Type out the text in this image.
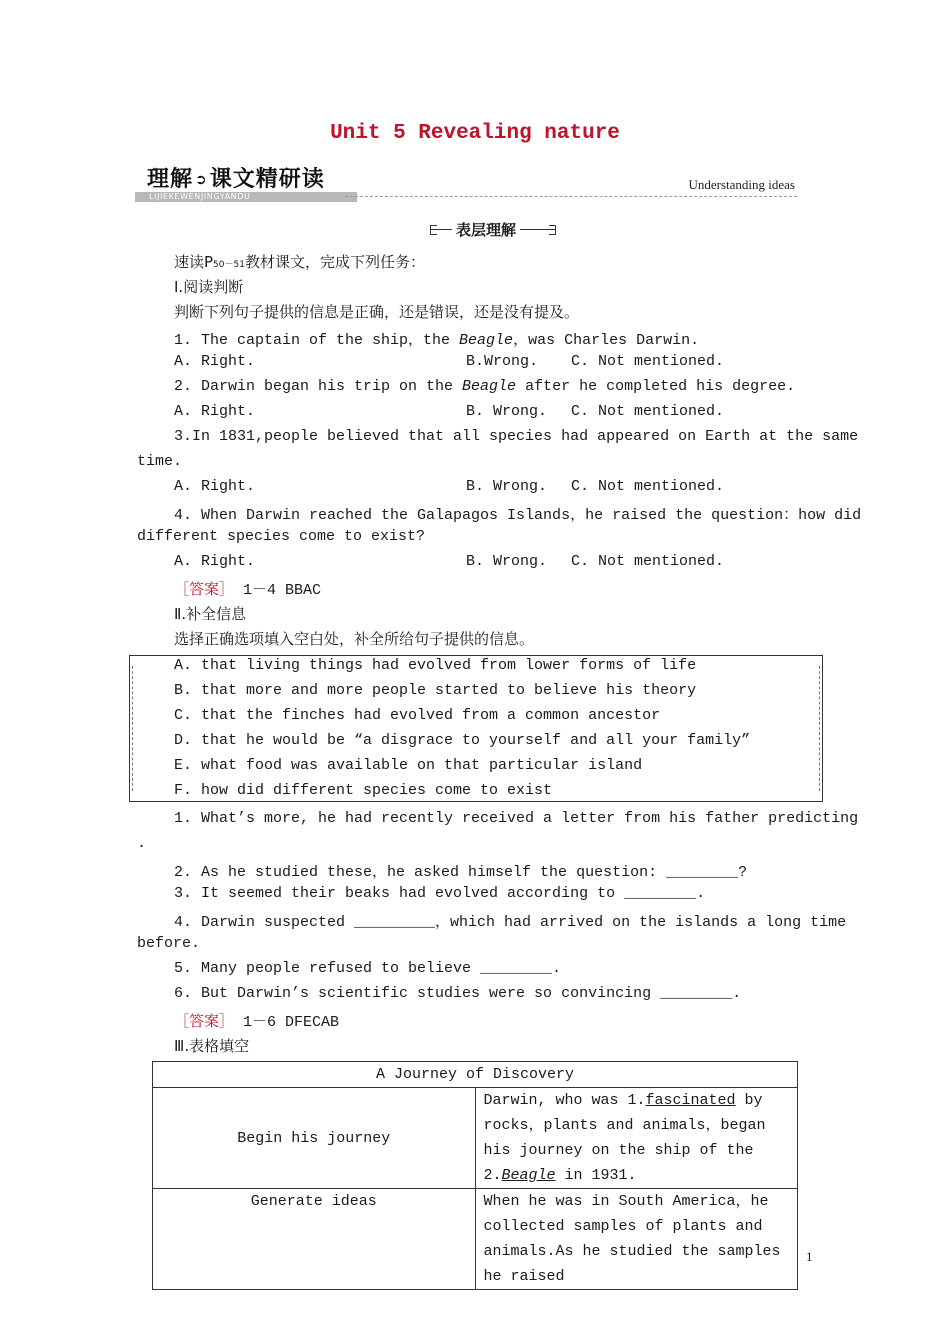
Unit 5 Revealing nature
理解 ➲课文精研读
LIJIEKEWENJINGYANDU
Understanding ideas
表层理解
速读P50－51教材课文，完成下列任务：
Ⅰ.阅读判断
判断下列句子提供的信息是正确，还是错误，还是没有提及。
1. The captain of the ship，the Beagle，was Charles Darwin.
A. Right.	B.Wrong. C. Not mentioned.
2. Darwin began his trip on the Beagle after he completed his degree.
A. Right.	B. Wrong. C. Not mentioned.
3.In 1831,people believed that all species had appeared on Earth at the same
time.
A. Right.	B. Wrong. C. Not mentioned.
4. When Darwin reached the Galapagos Islands，he raised the question：how did
different species come to exist?
A. Right.	B. Wrong. C. Not mentioned.
［答案］ 1－4 BBAC
Ⅱ.补全信息
选择正确选项填入空白处，补全所给句子提供的信息。
A. that living things had evolved from lower forms of life
B. that more and more people started to believe his theory
C. that the finches had evolved from a common ancestor
D. that he would be “a disgrace to yourself and all your family”
E. what food was available on that particular island
F. how did different species come to exist
1. What’s more, he had recently received a letter from his father predicting
.
2. As he studied these，he asked himself the question: ________?
3. It seemed their beaks had evolved according to ________.
4. Darwin suspected _________，which had arrived on the islands a long time
before.
5. Many people refused to believe ________.
6. But Darwin’s scientific studies were so convincing ________.
［答案］ 1－6 DFECAB
Ⅲ.表格填空
A Journey of Discovery	
Begin his journey	Darwin, who was 1.fascinated by rocks，plants and animals，began his journey on the ship of the 2.Beagle in 1931.
Generate ideas	When he was in South America，he collected samples of plants and animals.As he studied the samples he raised
1
